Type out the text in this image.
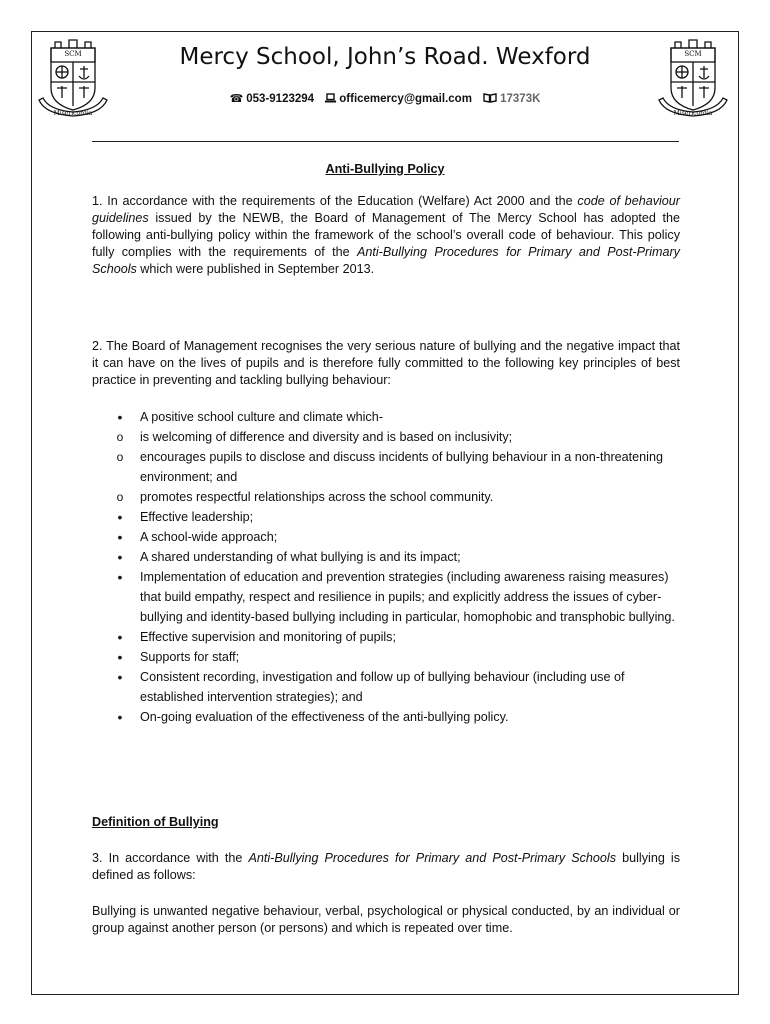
SCM
Misericordia
SCM
Misericordia
Mercy School, John’s Road. Wexford
☎ 053-9123294 officemercy@gmail.com 17373K
Anti-Bullying Policy

1. In accordance with the requirements of the Education (Welfare) Act 2000 and the code of behaviour guidelines issued by the NEWB, the Board of Management of The Mercy School has adopted the following anti-bullying policy within the framework of the school’s overall code of behaviour. This policy fully complies with the requirements of the Anti-Bullying Procedures for Primary and Post-Primary Schools which were published in September 2013.

2. The Board of Management recognises the very serious nature of bullying and the negative impact that it can have on the lives of pupils and is therefore fully committed to the following key principles of best practice in preventing and tackling bullying behaviour:

•
A positive school culture and climate which-
o
is welcoming of difference and diversity and is based on inclusivity;
o
encourages pupils to disclose and discuss incidents of bullying behaviour in a non-threatening environment; and
o
promotes respectful relationships across the school community.
•
Effective leadership;
•
A school-wide approach;
•
A shared understanding of what bullying is and its impact;
•
Implementation of education and prevention strategies (including awareness raising measures) that build empathy, respect and resilience in pupils; and explicitly address the issues of cyber-bullying and identity-based bullying including in particular, homophobic and transphobic bullying.
•
Effective supervision and monitoring of pupils;
•
Supports for staff;
•
Consistent recording, investigation and follow up of bullying behaviour (including use of established intervention strategies); and
•
On-going evaluation of the effectiveness of the anti-bullying policy.
Definition of Bullying

3. In accordance with the Anti-Bullying Procedures for Primary and Post-Primary Schools bullying is defined as follows:

Bullying is unwanted negative behaviour, verbal, psychological or physical conducted, by an individual or group against another person (or persons) and which is repeated over time.
